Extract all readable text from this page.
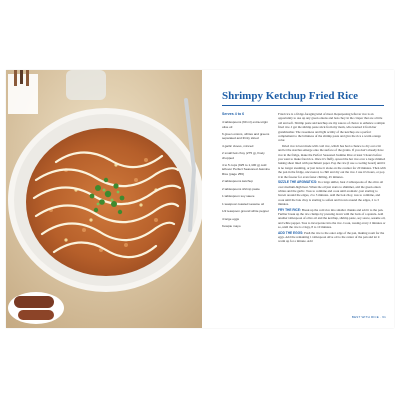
Shrimpy Ketchup Fried Rice

Serves 4 to 6

4 tablespoons (60 ml) extra-virgin olive oil

6 green onions, whites and greens separated and thinly sliced

4 garlic cloves, minced

2 small bok choy (275 g), finely chopped

4 to 5 cups (925 to 1,100 g) cold leftover Perfect Seasoned Jasmine Rice (page 256)

2 tablespoons ketchup

2 tablespoons shrimp paste

1 tablespoon soy sauce

1 teaspoon toasted sesame oil

1/2 teaspoon ground white pepper

4 large eggs

Kewpie mayo

Fried rice is a fridge-foraging kind of meal. Repurposing leftover rice is an opportunity to use up any green onions and bok choy in the crisper that are a little old and soft. Shrimp paste and ketchup are my sauces of choice to enhance a simple fried rice. I get the shrimp paste stick from my mom, who learned it from her grandmother. The sweetness and light acidity of the ketchup are a perfect complement to the brininess of the shrimp paste and give the rice a warm orange color.

Dried rice is best made with cold rice, which has had a chance to dry out a bit and let the starches emerge onto the surface of the grains. If you don't already have rice in the fridge, make the Perfect Seasoned Jasmine Rice at least 5 hours before you want to make fried rice. Once it's fluffy, spread the hot rice over a large rimmed baking sheet lined with parchment paper. Pop the rice (I use a cooling board) until it is no longer steaming, or just leave it alone on the counter for 20 minutes. Then with the pan in the fridge, uncovered, to chill and dry out the rice. I use it's hours, or pop it in the freezer for even faster chilling, 45 minutes.

SIZZLE THE AROMATICS: In a large skillet, heat 2 tablespoons of the olive oil over medium-high heat. When the oil just starts to shimmer, add the green onion whites and the garlic. Toss to combine and cook until aromatic, just starting to brown around the edges, 2 to 3 minutes. Add the bok choy, toss to combine, and cook until the bok choy is starting to soften and brown around the edges, 2 to 3 minutes.

FRY THE RICE: Break up the cold rice into smaller chunks and add it to the pan. Further break up the rice clumps by pressing down with the back of a spatula. Add another tablespoon of olive oil and the ketchup, shrimp paste, soy sauce, sesame oil, and white pepper. Toss to incorporate into the rice. Cook, tossing every 2 minutes or so, until the rice is crispy, 8 to 10 minutes.

ADD THE EGGS: Push the rice to the outer edge of the pan, making room for the eggs. Add the remaining 1 tablespoon olive oil to the center of the pan and let it warm up for a minute. Add

BEST WITH RICE · 61
